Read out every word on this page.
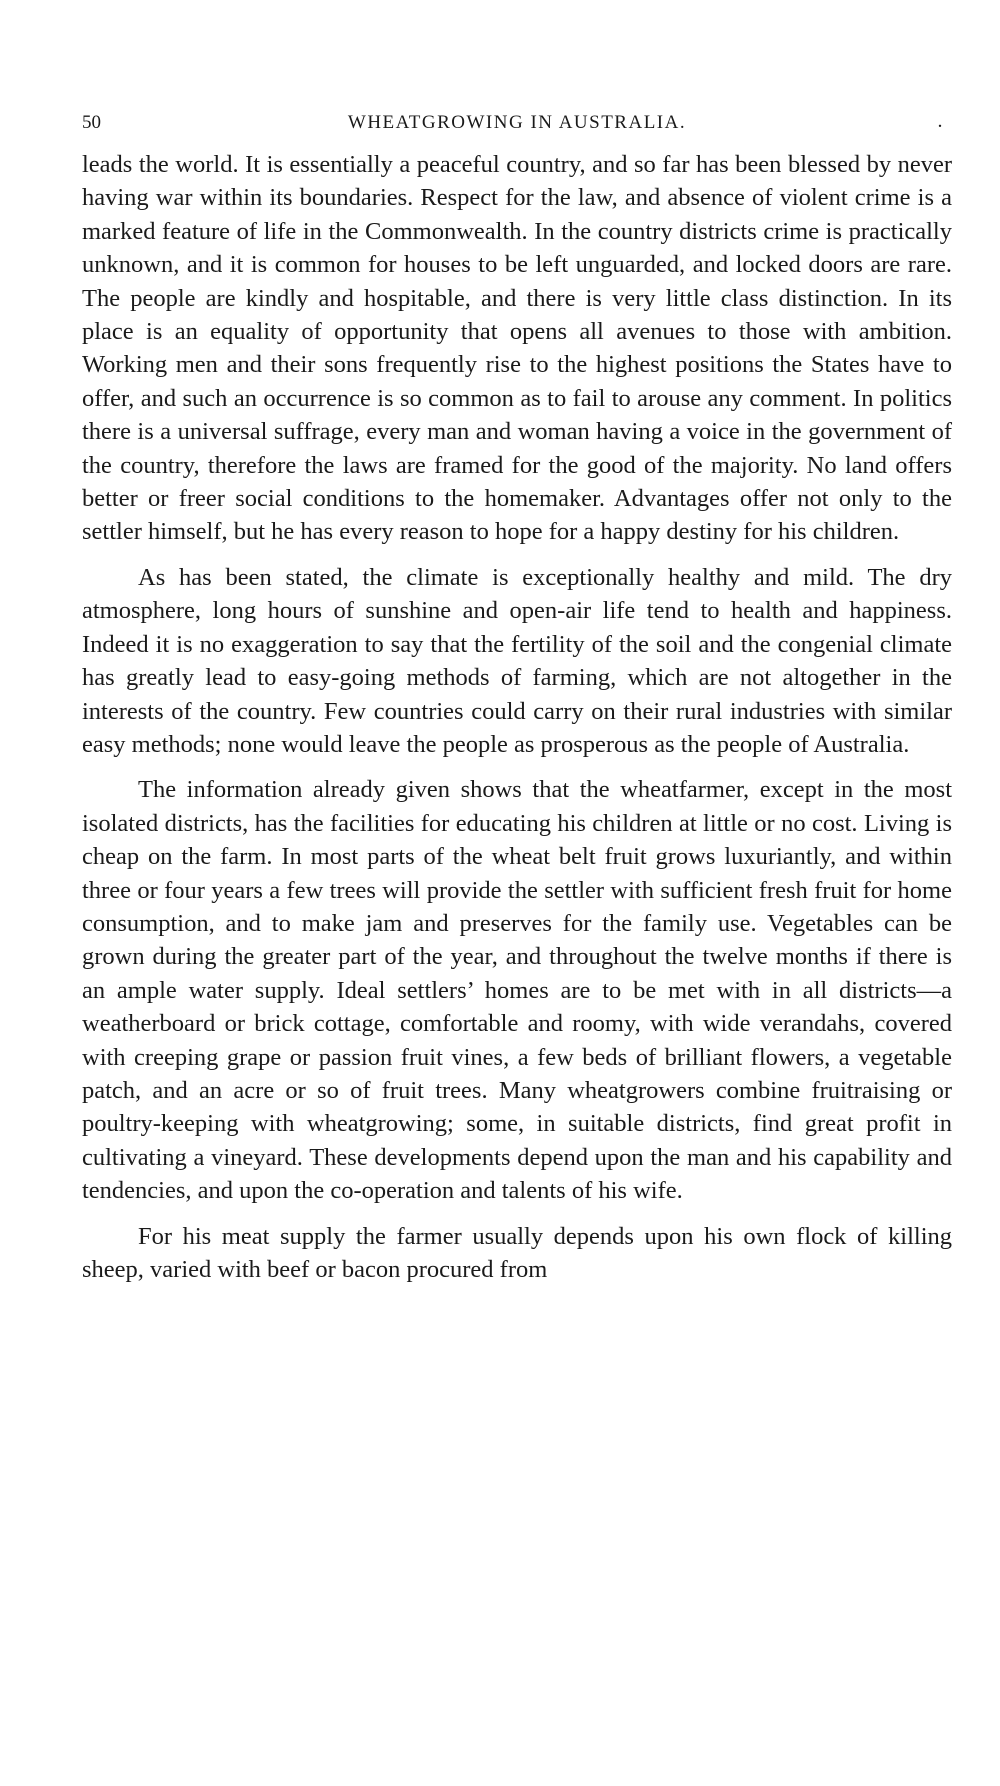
50	WHEATGROWING IN AUSTRALIA.	.

leads the world. It is essentially a peaceful country, and so far has been blessed by never having war within its boundaries. Respect for the law, and absence of violent crime is a marked feature of life in the Commonwealth. In the country districts crime is practically unknown, and it is common for houses to be left unguarded, and locked doors are rare. The people are kindly and hospitable, and there is very little class distinction. In its place is an equality of opportunity that opens all avenues to those with ambition. Working men and their sons frequently rise to the highest positions the States have to offer, and such an occurrence is so common as to fail to arouse any comment. In politics there is a universal suffrage, every man and woman having a voice in the government of the country, therefore the laws are framed for the good of the majority. No land offers better or freer social conditions to the homemaker. Advantages offer not only to the settler himself, but he has every reason to hope for a happy destiny for his children.

As has been stated, the climate is exceptionally healthy and mild. The dry atmosphere, long hours of sunshine and open-air life tend to health and happiness. Indeed it is no exaggeration to say that the fertility of the soil and the congenial climate has greatly lead to easy-going methods of farming, which are not altogether in the interests of the country. Few countries could carry on their rural industries with similar easy methods; none would leave the people as prosperous as the people of Australia.

The information already given shows that the wheatfarmer, except in the most isolated districts, has the facilities for educating his children at little or no cost. Living is cheap on the farm. In most parts of the wheat belt fruit grows luxuriantly, and within three or four years a few trees will provide the settler with sufficient fresh fruit for home consumption, and to make jam and preserves for the family use. Vegetables can be grown during the greater part of the year, and throughout the twelve months if there is an ample water supply. Ideal settlers’ homes are to be met with in all districts—a weatherboard or brick cottage, comfortable and roomy, with wide verandahs, covered with creeping grape or passion fruit vines, a few beds of brilliant flowers, a vegetable patch, and an acre or so of fruit trees. Many wheatgrowers combine fruitraising or poultry-keeping with wheatgrowing; some, in suitable districts, find great profit in cultivating a vineyard. These developments depend upon the man and his capability and tendencies, and upon the co-operation and talents of his wife.

For his meat supply the farmer usually depends upon his own flock of killing sheep, varied with beef or bacon procured from
